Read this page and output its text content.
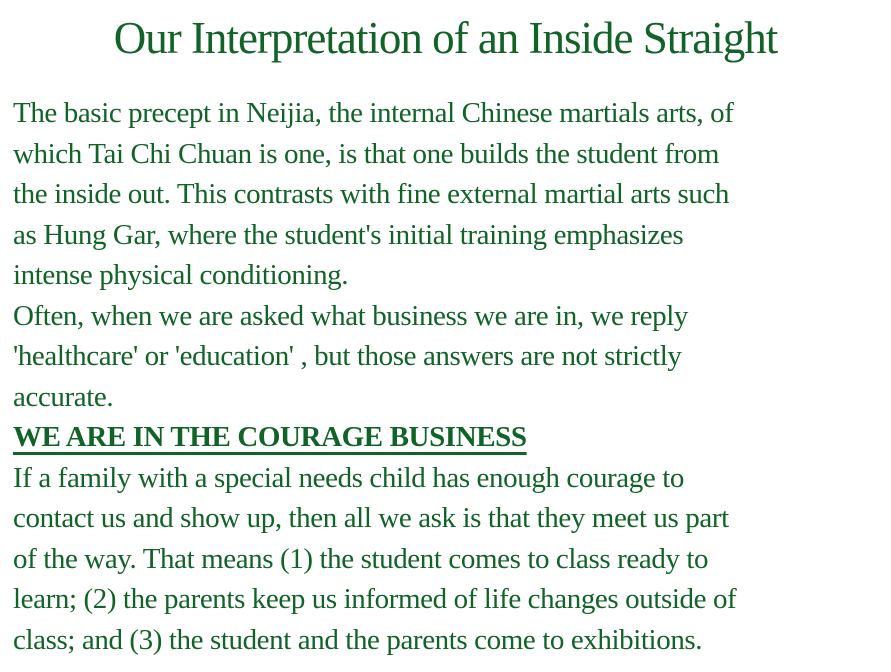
Our Interpretation of an Inside Straight
The basic precept in Neijia, the internal Chinese martials arts, of
which Tai Chi Chuan is one, is that one builds the student from
the inside out. This contrasts with fine external martial arts such
as Hung Gar, where the student's initial training emphasizes
intense physical conditioning.
Often, when we are asked what business we are in, we reply
'healthcare' or 'education' , but those answers are not strictly
accurate.
WE ARE IN THE COURAGE BUSINESS
If a family with a special needs child has enough courage to
contact us and show up, then all we ask is that they meet us part
of the way. That means (1) the student comes to class ready to
learn; (2) the parents keep us informed of life changes outside of
class; and (3) the student and the parents come to exhibitions.
